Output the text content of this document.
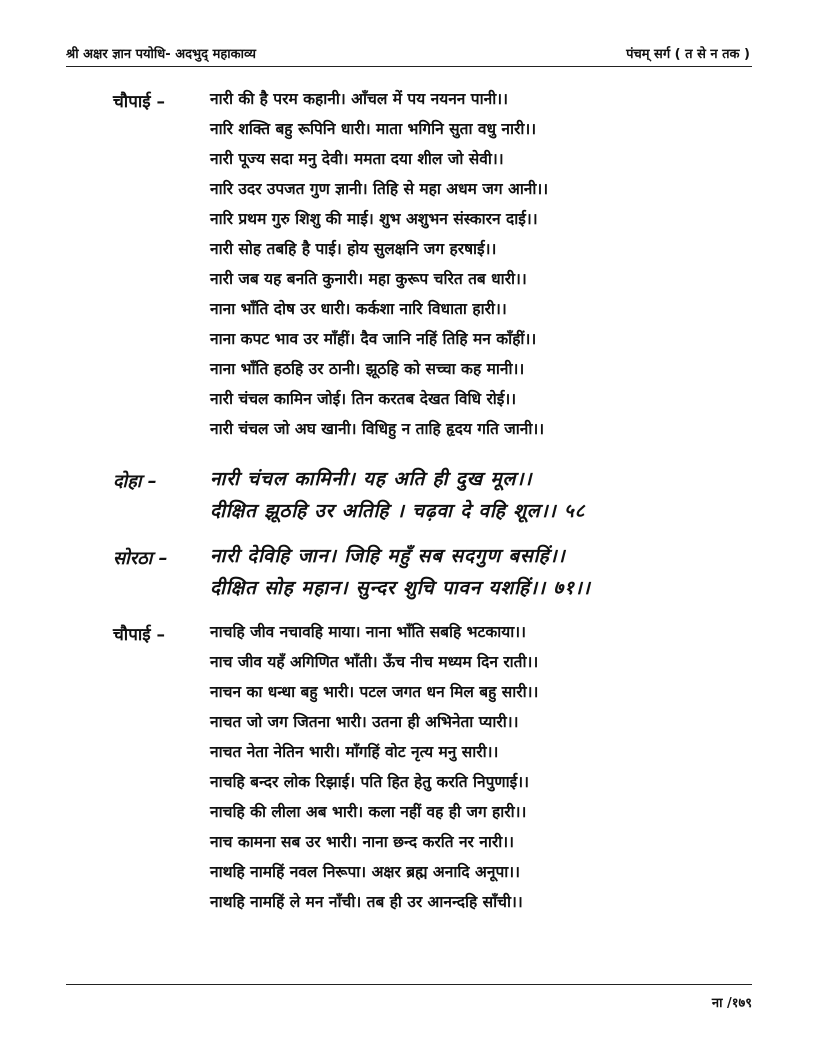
श्री अक्षर ज्ञान पयोधि- अदभुद् महाकाव्य	पंचम् सर्ग ( त से न तक )
चौपाई –	नारी की है परम कहानी। आँचल में पय नयनन पानी।।
नारि शक्ति बहु रूपिनि धारी। माता भगिनि सुता वधु नारी।।
नारी पूज्य सदा मनु देवी। ममता दया शील जो सेवी।।
नारि उदर उपजत गुण ज्ञानी। तिहि से महा अधम जग आनी।।
नारि प्रथम गुरु शिशु की माई। शुभ अशुभन संस्कारन दाई।।
नारी सोह तबहि है पाई। होय सुलक्षनि जग हरषाई।।
नारी जब यह बनति कुनारी। महा कुरूप चरित तब धारी।।
नाना भाँति दोष उर धारी। कर्कशा नारि विधाता हारी।।
नाना कपट भाव उर माँहीं। दैव जानि नहिं तिहि मन काँहीं।।
नाना भाँति हठहि उर ठानी। झूठहि को सच्चा कह मानी।।
नारी चंचल कामिन जोई। तिन करतब देखत विधि रोई।।
नारी चंचल जो अघ खानी। विधिहु न ताहि हृदय गति जानी।।
दोहा –	नारी चंचल कामिनी। यह अति ही दुख मूल।।
दीक्षित झूठहि उर अतिहि । चढ़वा दे वहि शूल।। ५८
सोरठा – नारी देविहि जान। जिहि महुँ सब सदगुण बसहिं।।
दीक्षित सोह महान। सुन्दर शुचि पावन यशहिं।। ७१।।
चौपाई –	नाचहि जीव नचावहि माया। नाना भाँति सबहि भटकाया।।
नाच जीव यहँ अगिणित भाँती। ऊँच नीच मध्यम दिन राती।।
नाचन का धन्धा बहु भारी। पटल जगत धन मिल बहु सारी।।
नाचत जो जग जितना भारी। उतना ही अभिनेता प्यारी।।
नाचत नेता नेतिन भारी। माँगहिं वोट नृत्य मनु सारी।।
नाचहि बन्दर लोक रिझाई। पति हित हेतु करति निपुणाई।।
नाचहि की लीला अब भारी। कला नहीं वह ही जग हारी।।
नाच कामना सब उर भारी। नाना छन्द करति नर नारी।।
नाथहि नामहिं नवल निरूपा। अक्षर ब्रह्म अनादि अनूपा।।
नाथहि नामहिं ले मन नाँची। तब ही उर आनन्दहि साँची।।
ना /१७९
